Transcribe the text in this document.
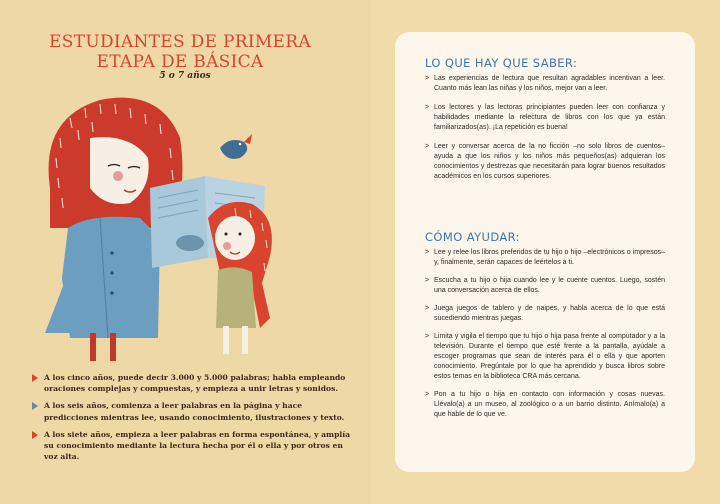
ESTUDIANTES DE PRIMERA
ETAPA DE BÁSICA
5 o 7 años
A los cinco años, puede decir 3.000 y 5.000 palabras; habla empleando oraciones complejas y compuestas, y empieza a unir letras y sonidos.
A los seis años, comienza a leer palabras en la página y hace predicciones mientras lee, usando conocimiento, ilustraciones y texto.
A los siete años, empieza a leer palabras en forma espontánea, y amplía su conocimiento mediante la lectura hecha por él o ella y por otros en voz alta.
LO QUE HAY QUE SABER:
> Las experiencias de lectura que resultan agradables incentivan a leer. Cuanto más lean las niñas y los niños, mejor van a leer.
> Los lectores y las lectoras principiantes pueden leer con confianza y habilidades mediante la relectura de libros con los que ya están familiarizados(as). ¡La repetición es buena!
> Leer y conversar acerca de la no ficción –no solo libros de cuentos– ayuda a que los niños y los niños más pequeños(as) adquieran los conocimientos y destrezas que necesitarán para lograr buenos resultados académicos en los cursos superiores.
CÓMO AYUDAR:
> Lee y relee los libros preferidos de tu hijo o hijo –electrónicos o impresos– y, finalmente, serán capaces de leértelos a ti.
> Escucha a tu hijo o hija cuando lee y le cuente cuentos. Luego, sostén una conversación acerca de ellos.
> Juega juegos de tablero y de naipes, y habla acerca de lo que está sucediendo mientras juegas.
> Limita y vigila el tiempo que tu hijo o hija pasa frente al computador y a la televisión. Durante el tiempo que esté frente a la pantalla, ayúdale a escoger programas que sean de interés para él o ella y que aporten conocimiento. Pregúntale por lo que ha aprendido y busca libros sobre estos temas en la biblioteca CRA más cercana.
> Pon a tu hijo o hija en contacto con información y cosas nuevas. Llévalo(a) a un museo, al zoológico o a un barrio distinto. Anímalo(a) a que hable de lo que ve.
